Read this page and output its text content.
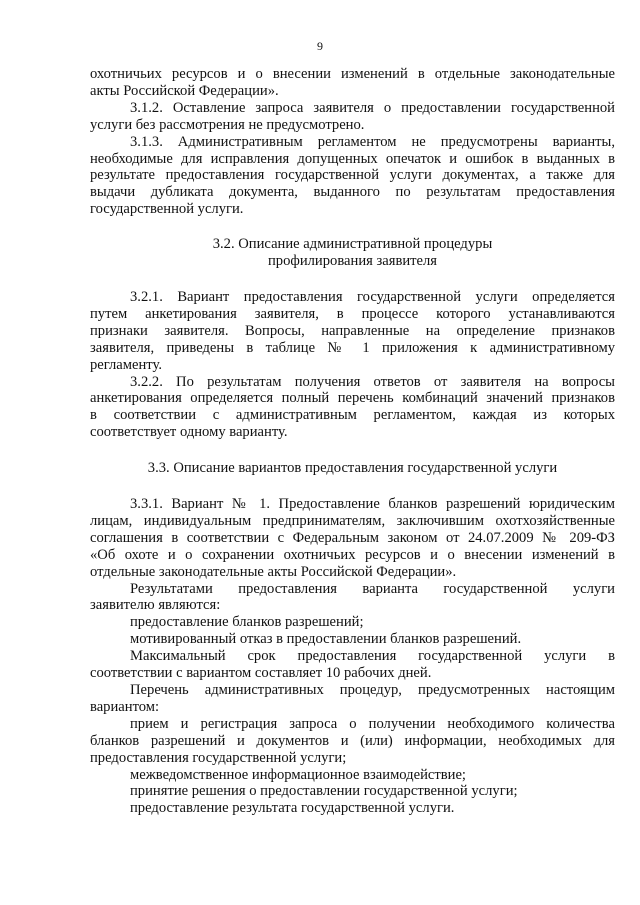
9

охотничьих ресурсов и о внесении изменений в отдельные законодательные

акты Российской Федерации».

3.1.2. Оставление запроса заявителя о предоставлении государственной

услуги без рассмотрения не предусмотрено.

3.1.3. Административным регламентом не предусмотрены варианты,

необходимые для исправления допущенных опечаток и ошибок в выданных в

результате предоставления государственной услуги документах, а также для

выдачи дубликата документа, выданного по результатам предоставления

государственной услуги.

3.2. Описание административной процедуры

профилирования заявителя

3.2.1. Вариант предоставления государственной услуги определяется

путем анкетирования заявителя, в процессе которого устанавливаются

признаки заявителя. Вопросы, направленные на определение признаков

заявителя, приведены в таблице № 1 приложения к административному

регламенту.

3.2.2. По результатам получения ответов от заявителя на вопросы

анкетирования определяется полный перечень комбинаций значений признаков

в соответствии с административным регламентом, каждая из которых

соответствует одному варианту.

3.3. Описание вариантов предоставления государственной услуги

3.3.1. Вариант № 1. Предоставление бланков разрешений юридическим

лицам, индивидуальным предпринимателям, заключившим охотхозяйственные

соглашения в соответствии с Федеральным законом от 24.07.2009 № 209-ФЗ

«Об охоте и о сохранении охотничьих ресурсов и о внесении изменений в

отдельные законодательные акты Российской Федерации».

Результатами предоставления варианта государственной услуги

заявителю являются:

предоставление бланков разрешений;

мотивированный отказ в предоставлении бланков разрешений.

Максимальный срок предоставления государственной услуги в

соответствии с вариантом составляет 10 рабочих дней.

Перечень административных процедур, предусмотренных настоящим

вариантом:

прием и регистрация запроса о получении необходимого количества

бланков разрешений и документов и (или) информации, необходимых для

предоставления государственной услуги;

межведомственное информационное взаимодействие;

принятие решения о предоставлении государственной услуги;

предоставление результата государственной услуги.
